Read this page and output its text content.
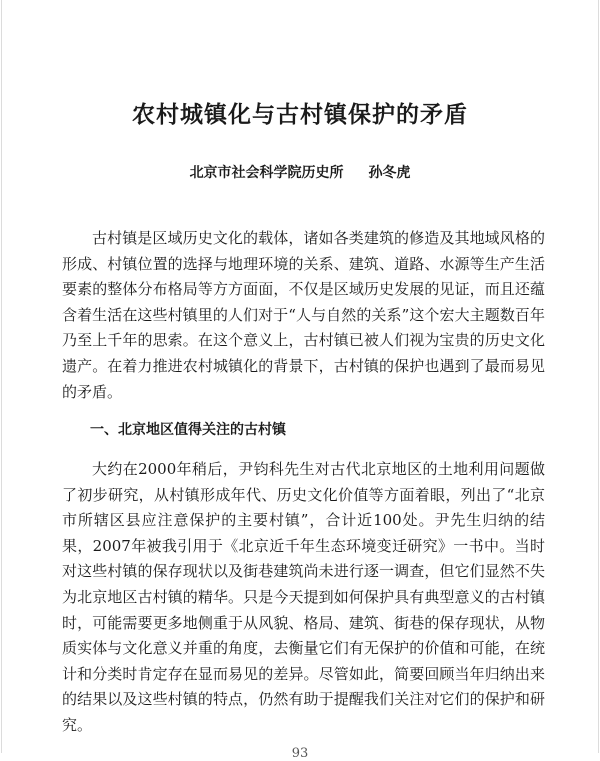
农村城镇化与古村镇保护的矛盾
北京市社会科学院历史所 孙冬虎

古村镇是区域历史文化的载体，诸如各类建筑的修造及其地域风格的形成、村镇位置的选择与地理环境的关系、建筑、道路、水源等生产生活要素的整体分布格局等方方面面，不仅是区域历史发展的见证，而且还蕴含着生活在这些村镇里的人们对于“人与自然的关系”这个宏大主题数百年乃至上千年的思索。在这个意义上，古村镇已被人们视为宝贵的历史文化遗产。在着力推进农村城镇化的背景下，古村镇的保护也遇到了最而易见的矛盾。

一、北京地区值得关注的古村镇

大约在2000年稍后，尹钧科先生对古代北京地区的土地利用问题做了初步研究，从村镇形成年代、历史文化价值等方面着眼，列出了“北京市所辖区县应注意保护的主要村镇”，合计近100处。尹先生归纳的结果，2007年被我引用于《北京近千年生态环境变迁研究》一书中。当时对这些村镇的保存现状以及街巷建筑尚未进行逐一调查，但它们显然不失为北京地区古村镇的精华。只是今天提到如何保护具有典型意义的古村镇时，可能需要更多地侧重于从风貌、格局、建筑、街巷的保存现状，从物质实体与文化意义并重的角度，去衡量它们有无保护的价值和可能，在统计和分类时肯定存在显而易见的差异。尽管如此，简要回顾当年归纳出来的结果以及这些村镇的特点，仍然有助于提醒我们关注对它们的保护和研究。

93
